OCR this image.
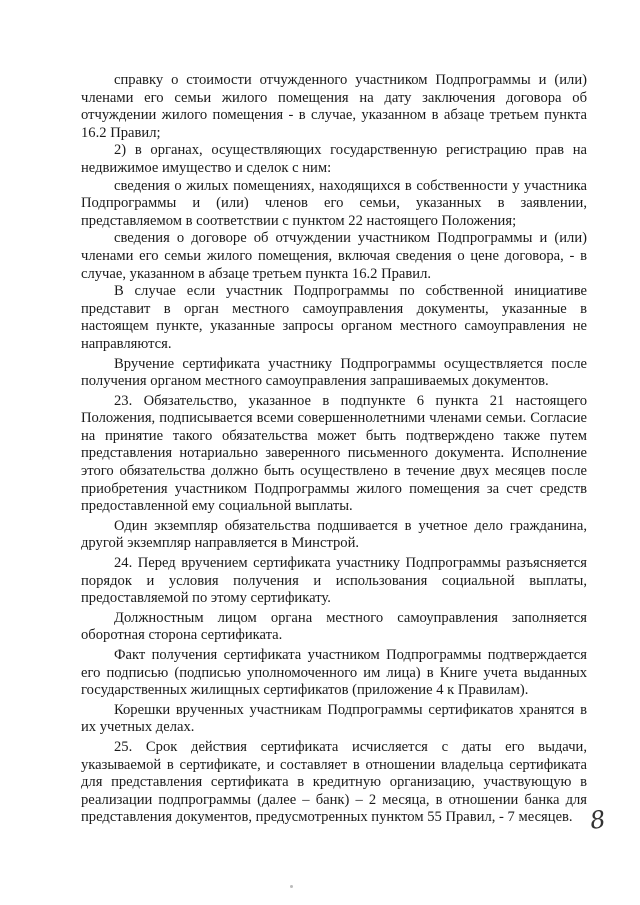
справку о стоимости отчужденного участником Подпрограммы и (или) членами его семьи жилого помещения на дату заключения договора об отчуждении жилого помещения - в случае, указанном в абзаце третьем пункта 16.2 Правил;

2) в органах, осуществляющих государственную регистрацию прав на недвижимое имущество и сделок с ним:

сведения о жилых помещениях, находящихся в собственности у участника Подпрограммы и (или) членов его семьи, указанных в заявлении, представляемом в соответствии с пунктом 22 настоящего Положения;

сведения о договоре об отчуждении участником Подпрограммы и (или) членами его семьи жилого помещения, включая сведения о цене договора, - в случае, указанном в абзаце третьем пункта 16.2 Правил.

В случае если участник Подпрограммы по собственной инициативе представит в орган местного самоуправления документы, указанные в настоящем пункте, указанные запросы органом местного самоуправления не направляются.

Вручение сертификата участнику Подпрограммы осуществляется после получения органом местного самоуправления запрашиваемых документов.

23. Обязательство, указанное в подпункте 6 пункта 21 настоящего Положения, подписывается всеми совершеннолетними членами семьи. Согласие на принятие такого обязательства может быть подтверждено также путем представления нотариально заверенного письменного документа. Исполнение этого обязательства должно быть осуществлено в течение двух месяцев после приобретения участником Подпрограммы жилого помещения за счет средств предоставленной ему социальной выплаты.

Один экземпляр обязательства подшивается в учетное дело гражданина, другой экземпляр направляется в Минстрой.

24. Перед вручением сертификата участнику Подпрограммы разъясняется порядок и условия получения и использования социальной выплаты, предоставляемой по этому сертификату.

Должностным лицом органа местного самоуправления заполняется оборотная сторона сертификата.

Факт получения сертификата участником Подпрограммы подтверждается его подписью (подписью уполномоченного им лица) в Книге учета выданных государственных жилищных сертификатов (приложение 4 к Правилам).

Корешки врученных участникам Подпрограммы сертификатов хранятся в их учетных делах.

25. Срок действия сертификата исчисляется с даты его выдачи, указываемой в сертификате, и составляет в отношении владельца сертификата для представления сертификата в кредитную организацию, участвующую в реализации подпрограммы (далее – банк) – 2 месяца, в отношении банка для представления документов, предусмотренных пунктом 55 Правил, - 7 месяцев. 8
